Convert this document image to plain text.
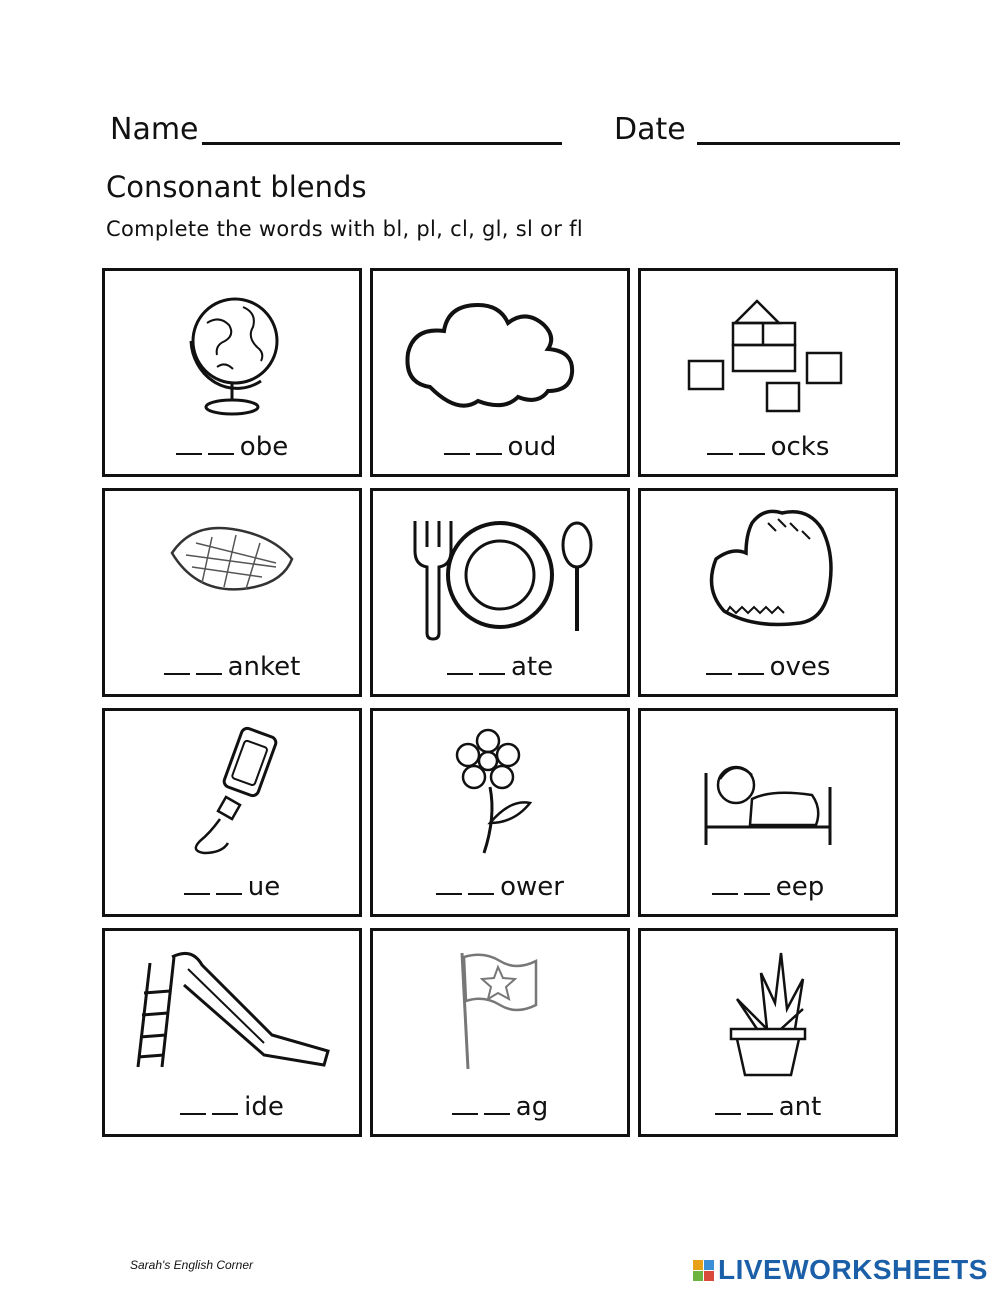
Name	Date
Consonant blends
Complete the words with bl, pl, cl, gl, sl or fl
obe	oud	ocks
anket	ate	oves
ue	ower	eep
ide	ag	ant
Sarah's English Corner	LIVEWORKSHEETS
